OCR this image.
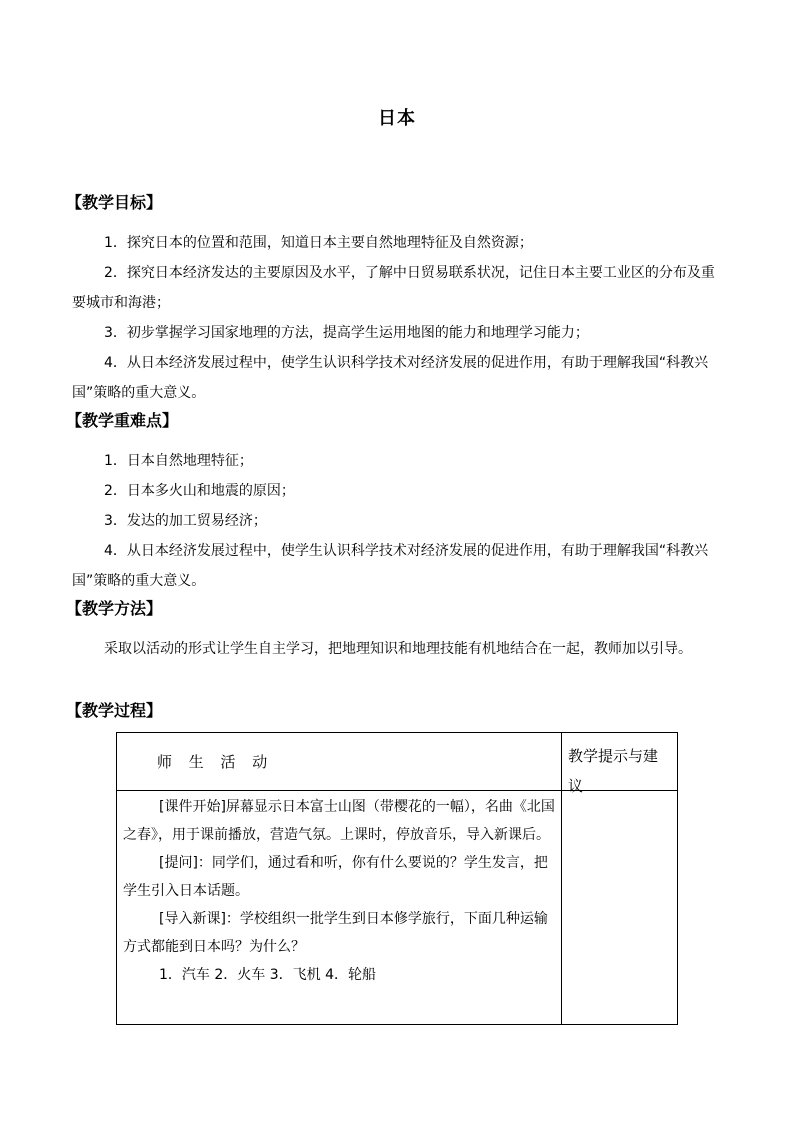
日本
【教学目标】
1．探究日本的位置和范围，知道日本主要自然地理特征及自然资源；
2．探究日本经济发达的主要原因及水平，了解中日贸易联系状况，记住日本主要工业区的分布及重要城市和海港；
3．初步掌握学习国家地理的方法，提高学生运用地图的能力和地理学习能力；
4．从日本经济发展过程中，使学生认识科学技术对经济发展的促进作用，有助于理解我国“科教兴国”策略的重大意义。
【教学重难点】
1．日本自然地理特征；
2．日本多火山和地震的原因；
3．发达的加工贸易经济；
4．从日本经济发展过程中，使学生认识科学技术对经济发展的促进作用，有助于理解我国“科教兴国”策略的重大意义。
【教学方法】
采取以活动的形式让学生自主学习，把地理知识和地理技能有机地结合在一起，教师加以引导。
【教学过程】
师 生 活 动	教学提示与建议

[课件开始]屏幕显示日本富士山图（带樱花的一幅），名曲《北国之春》，用于课前播放，营造气氛。上课时，停放音乐，导入新课后。

[提问]：同学们，通过看和听，你有什么要说的？学生发言，把学生引入日本话题。

[导入新课]：学校组织一批学生到日本修学旅行，下面几种运输方式都能到日本吗？为什么？

1．汽车 2．火车 3．飞机 4．轮船
